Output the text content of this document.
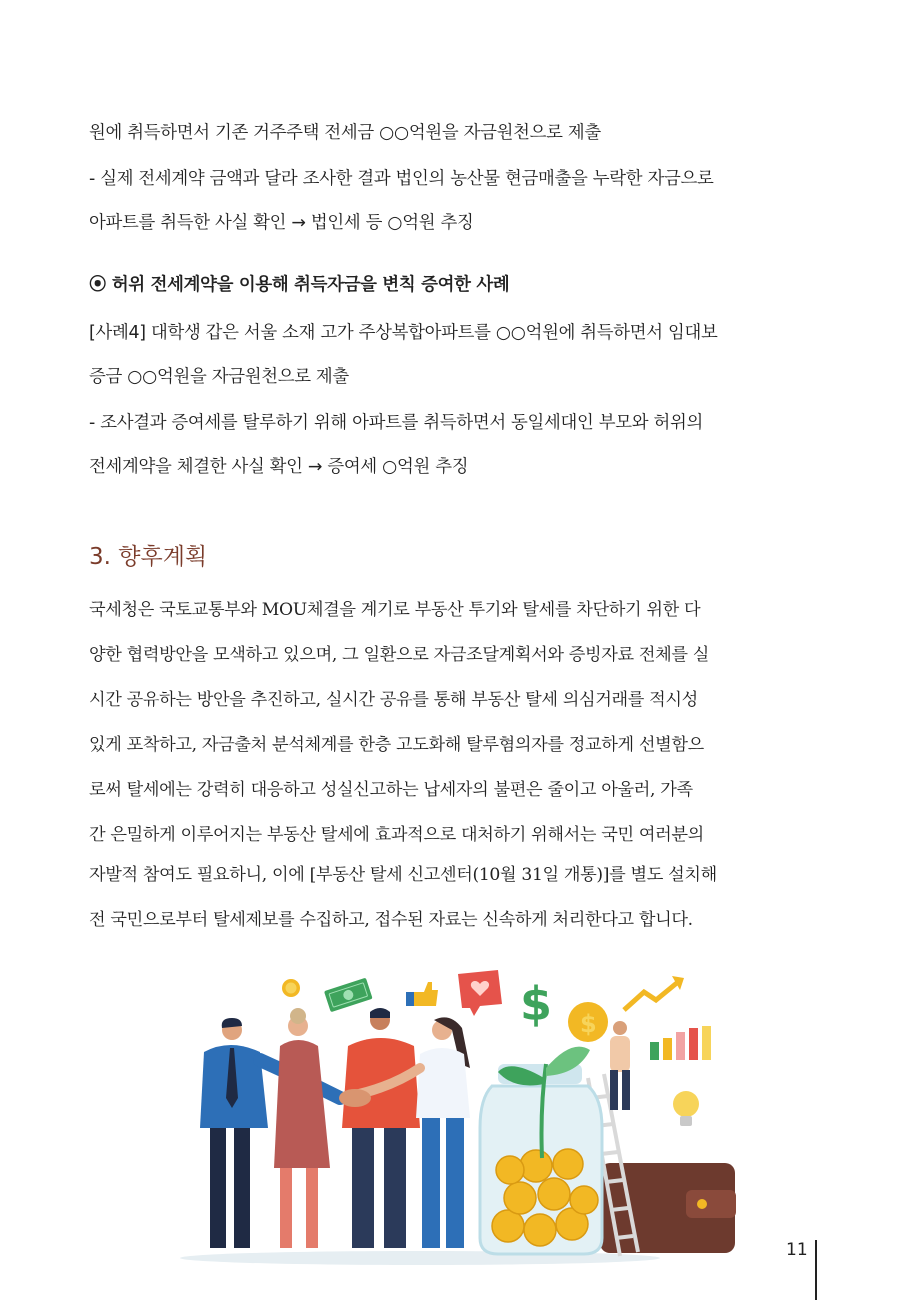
원에 취득하면서 기존 거주주택 전세금 ○○억원을 자금원천으로 제출
- 실제 전세계약 금액과 달라 조사한 결과 법인의 농산물 현금매출을 누락한 자금으로
아파트를 취득한 사실 확인 → 법인세 등 ○억원 추징
⦿ 허위 전세계약을 이용해 취득자금을 변칙 증여한 사례
[사례4] 대학생 갑은 서울 소재 고가 주상복합아파트를 ○○억원에 취득하면서 임대보
증금 ○○억원을 자금원천으로 제출
- 조사결과 증여세를 탈루하기 위해 아파트를 취득하면서 동일세대인 부모와 허위의
전세계약을 체결한 사실 확인 → 증여세 ○억원 추징
3. 향후계획
국세청은 국토교통부와 MOU체결을 계기로 부동산 투기와 탈세를 차단하기 위한 다
양한 협력방안을 모색하고 있으며, 그 일환으로 자금조달계획서와 증빙자료 전체를 실
시간 공유하는 방안을 추진하고, 실시간 공유를 통해 부동산 탈세 의심거래를 적시성
있게 포착하고, 자금출처 분석체계를 한층 고도화해 탈루혐의자를 정교하게 선별함으
로써 탈세에는 강력히 대응하고 성실신고하는 납세자의 불편은 줄이고 아울러, 가족
간 은밀하게 이루어지는 부동산 탈세에 효과적으로 대처하기 위해서는 국민 여러분의
자발적 참여도 필요하니, 이에 [부동산 탈세 신고센터(10월 31일 개통)]를 별도 설치해
전 국민으로부터 탈세제보를 수집하고, 접수된 자료는 신속하게 처리한다고 합니다.
$ $
11
